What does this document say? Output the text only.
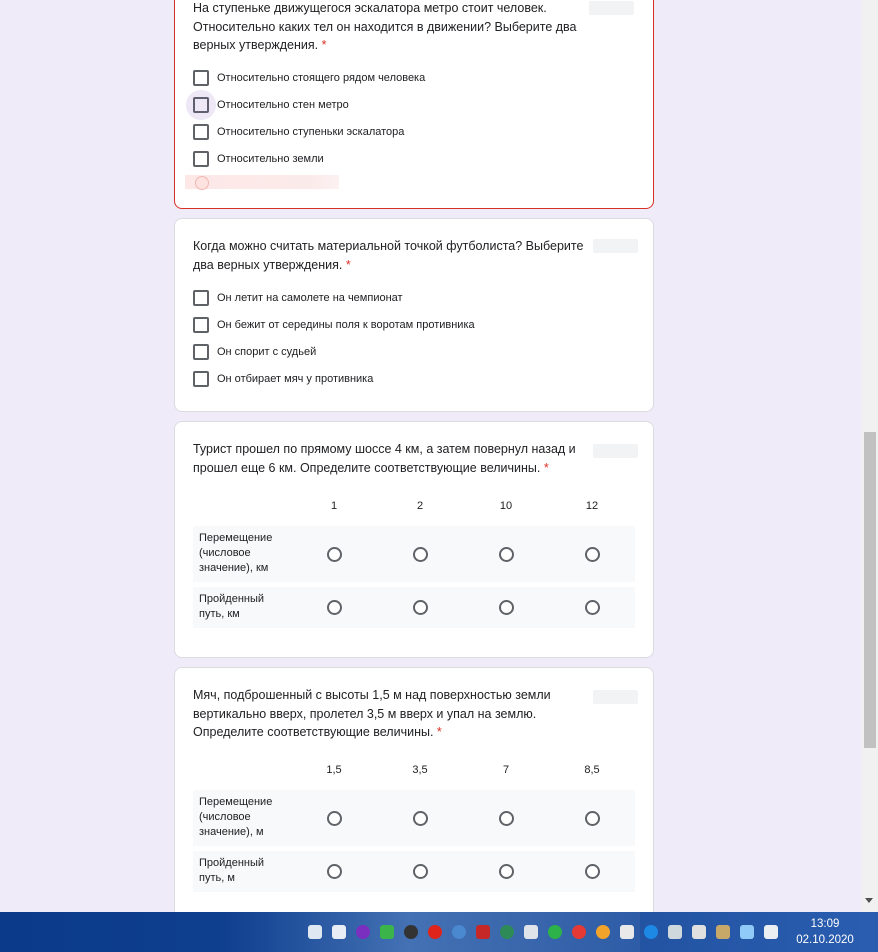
На ступеньке движущегося эскалатора метро стоит человек. Относительно каких тел он находится в движении? Выберите два верных утверждения. *
Относительно стоящего рядом человека
Относительно стен метро
Относительно ступеньки эскалатора
Относительно земли
Когда можно считать материальной точкой футболиста? Выберите два верных утверждения. *
Он летит на самолете на чемпионат
Он бежит от середины поля к воротам противника
Он спорит с судьей
Он отбирает мяч у противника
Турист прошел по прямому шоссе 4 км, а затем повернул назад и прошел еще 6 км. Определите соответствующие величины. *
1	2	10	12
Перемещение (числовое значение), км
Пройденный путь, км
Мяч, подброшенный с высоты 1,5 м над поверхностью земли вертикально вверх, пролетел 3,5 м вверх и упал на землю. Определите соответствующие величины. *
1,5	3,5	7	8,5
Перемещение (числовое значение), м
Пройденный путь, м
13:09
02.10.2020
